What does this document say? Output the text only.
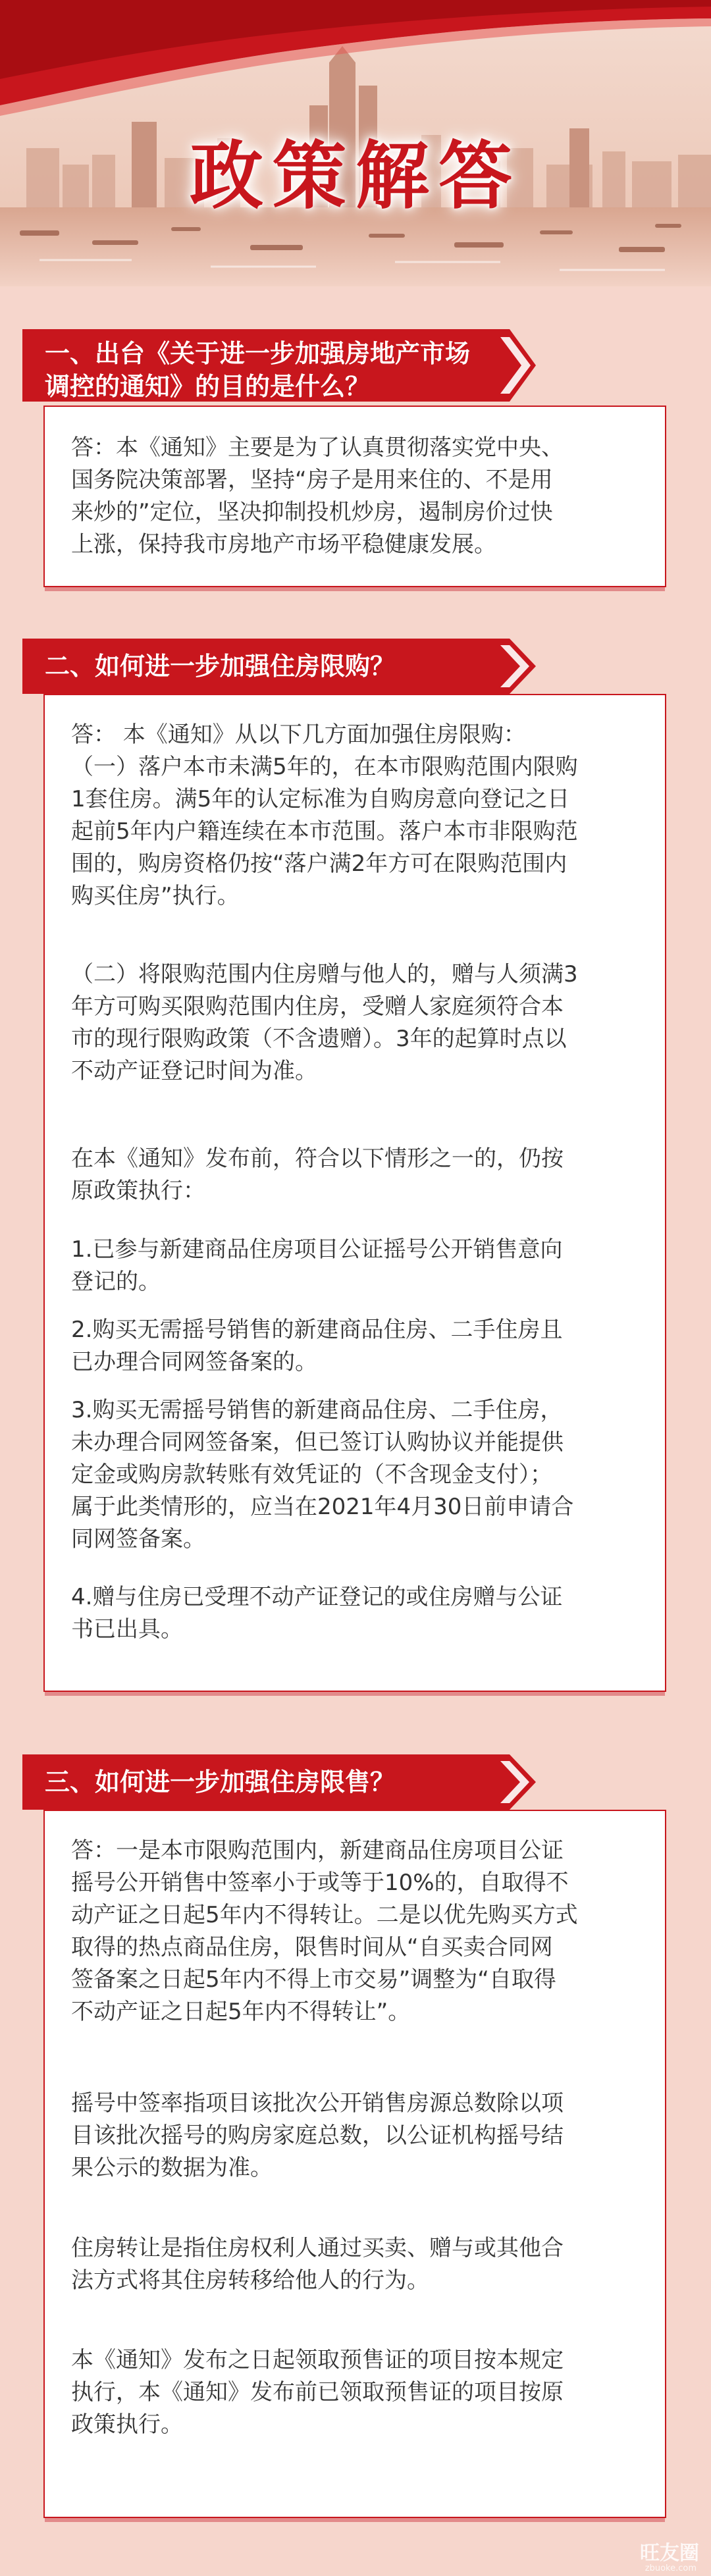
政策解答
一、出台《关于进一步加强房地产市场
调控的通知》的目的是什么？
答：本《通知》主要是为了认真贯彻落实党中央、
国务院决策部署，坚持“房子是用来住的、不是用
来炒的”定位，坚决抑制投机炒房，遏制房价过快
上涨，保持我市房地产市场平稳健康发展。
二、如何进一步加强住房限购？
答： 本《通知》从以下几方面加强住房限购：
（一）落户本市未满5年的，在本市限购范围内限购
1套住房。满5年的认定标准为自购房意向登记之日
起前5年内户籍连续在本市范围。落户本市非限购范
围的，购房资格仍按“落户满2年方可在限购范围内
购买住房”执行。
（二）将限购范围内住房赠与他人的，赠与人须满3
年方可购买限购范围内住房，受赠人家庭须符合本
市的现行限购政策（不含遗赠）。3年的起算时点以
不动产证登记时间为准。
在本《通知》发布前，符合以下情形之一的，仍按
原政策执行：
1.已参与新建商品住房项目公证摇号公开销售意向
登记的。
2.购买无需摇号销售的新建商品住房、二手住房且
已办理合同网签备案的。
3.购买无需摇号销售的新建商品住房、二手住房，
未办理合同网签备案，但已签订认购协议并能提供
定金或购房款转账有效凭证的（不含现金支付）；
属于此类情形的，应当在2021年4月30日前申请合
同网签备案。
4.赠与住房已受理不动产证登记的或住房赠与公证
书已出具。
三、如何进一步加强住房限售？
答：一是本市限购范围内，新建商品住房项目公证
摇号公开销售中签率小于或等于10%的，自取得不
动产证之日起5年内不得转让。二是以优先购买方式
取得的热点商品住房，限售时间从“自买卖合同网
签备案之日起5年内不得上市交易”调整为“自取得
不动产证之日起5年内不得转让”。
摇号中签率指项目该批次公开销售房源总数除以项
目该批次摇号的购房家庭总数，以公证机构摇号结
果公示的数据为准。
住房转让是指住房权利人通过买卖、赠与或其他合
法方式将其住房转移给他人的行为。
本《通知》发布之日起领取预售证的项目按本规定
执行，本《通知》发布前已领取预售证的项目按原
政策执行。
旺友圈
zbuoke.com
